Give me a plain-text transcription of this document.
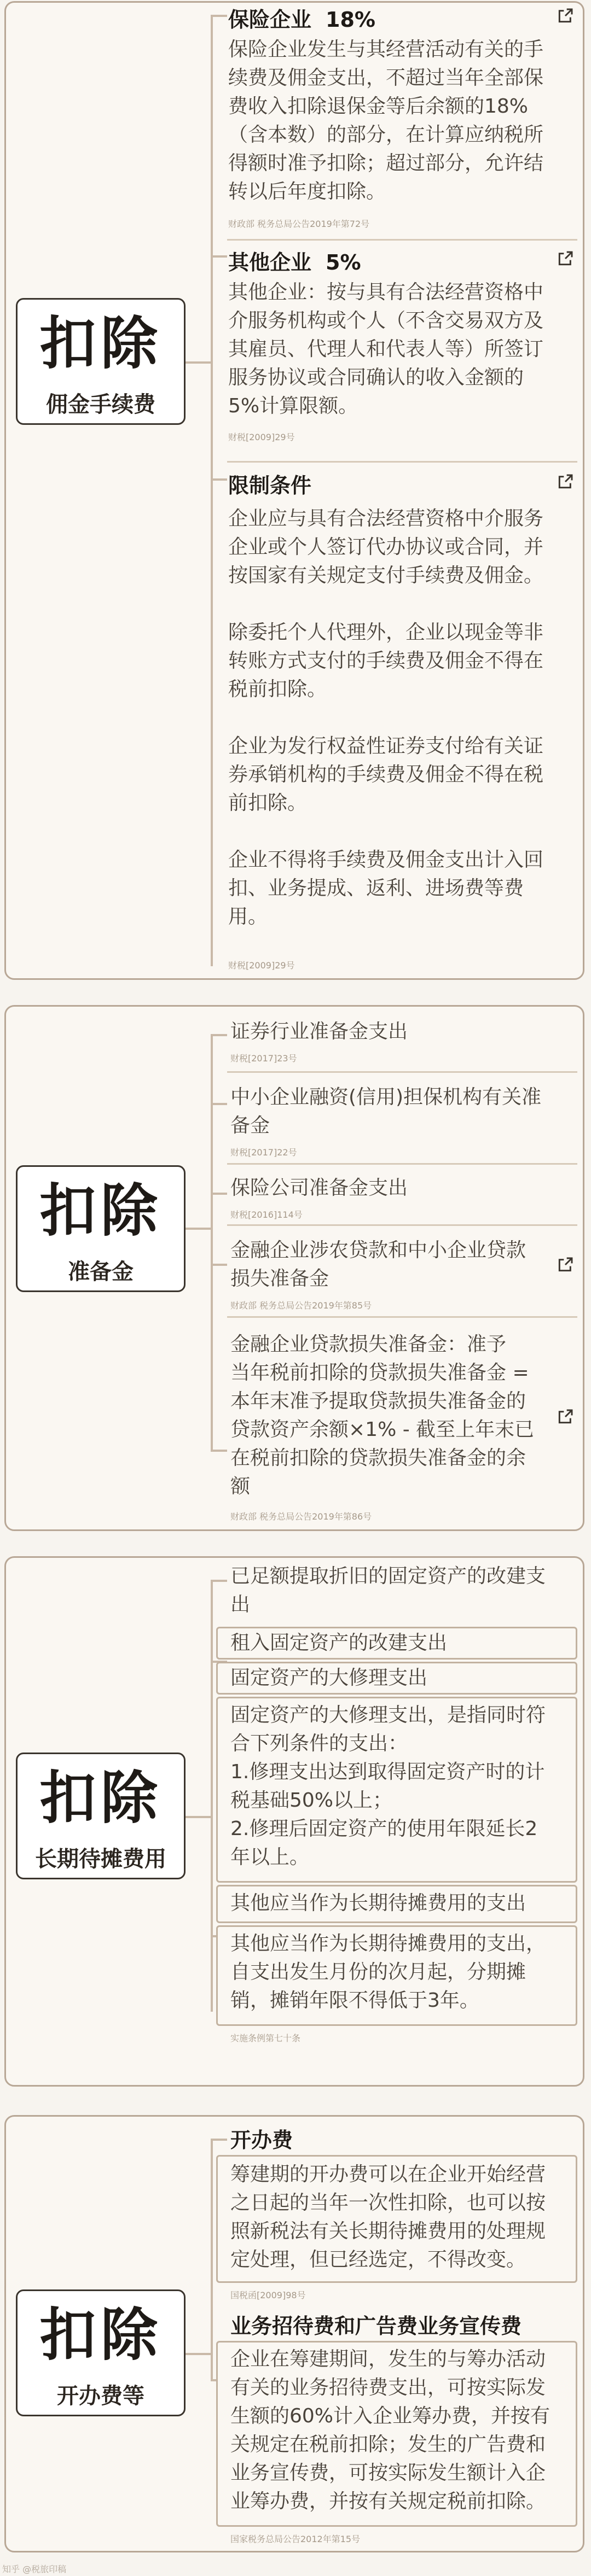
扣除
佣金手续费
保险企业 18%
保险企业发生与其经营活动有关的手
续费及佣金支出，不超过当年全部保
费收入扣除退保金等后余额的18%
（含本数）的部分，在计算应纳税所
得额时准予扣除；超过部分，允许结
转以后年度扣除。
财政部 税务总局公告2019年第72号
其他企业 5%
其他企业：按与具有合法经营资格中
介服务机构或个人（不含交易双方及
其雇员、代理人和代表人等）所签订
服务协议或合同确认的收入金额的
5%计算限额。
财税[2009]29号
限制条件
企业应与具有合法经营资格中介服务
企业或个人签订代办协议或合同，并
按国家有关规定支付手续费及佣金。
除委托个人代理外，企业以现金等非
转账方式支付的手续费及佣金不得在
税前扣除。
企业为发行权益性证券支付给有关证
券承销机构的手续费及佣金不得在税
前扣除。
企业不得将手续费及佣金支出计入回
扣、业务提成、返利、进场费等费
用。
财税[2009]29号
扣除
准备金
证券行业准备金支出
财税[2017]23号
中小企业融资(信用)担保机构有关准
备金
财税[2017]22号
保险公司准备金支出
财税[2016]114号
金融企业涉农贷款和中小企业贷款
损失准备金
财政部 税务总局公告2019年第85号
金融企业贷款损失准备金：准予
当年税前扣除的贷款损失准备金 =
本年末准予提取贷款损失准备金的
贷款资产余额×1% - 截至上年末已
在税前扣除的贷款损失准备金的余
额
财政部 税务总局公告2019年第86号
扣除
长期待摊费用
已足额提取折旧的固定资产的改建支
出
租入固定资产的改建支出
固定资产的大修理支出
固定资产的大修理支出，是指同时符
合下列条件的支出：
1.修理支出达到取得固定资产时的计
税基础50%以上；
2.修理后固定资产的使用年限延长2
年以上。
其他应当作为长期待摊费用的支出
其他应当作为长期待摊费用的支出，
自支出发生月份的次月起，分期摊
销，摊销年限不得低于3年。
实施条例第七十条
扣除
开办费等
开办费
筹建期的开办费可以在企业开始经营
之日起的当年一次性扣除，也可以按
照新税法有关长期待摊费用的处理规
定处理，但已经选定，不得改变。
国税函[2009]98号
业务招待费和广告费业务宣传费
企业在筹建期间，发生的与筹办活动
有关的业务招待费支出，可按实际发
生额的60%计入企业筹办费，并按有
关规定在税前扣除；发生的广告费和
业务宣传费，可按实际发生额计入企
业筹办费，并按有关规定税前扣除。
国家税务总局公告2012年第15号
知乎 @税旅印稿
